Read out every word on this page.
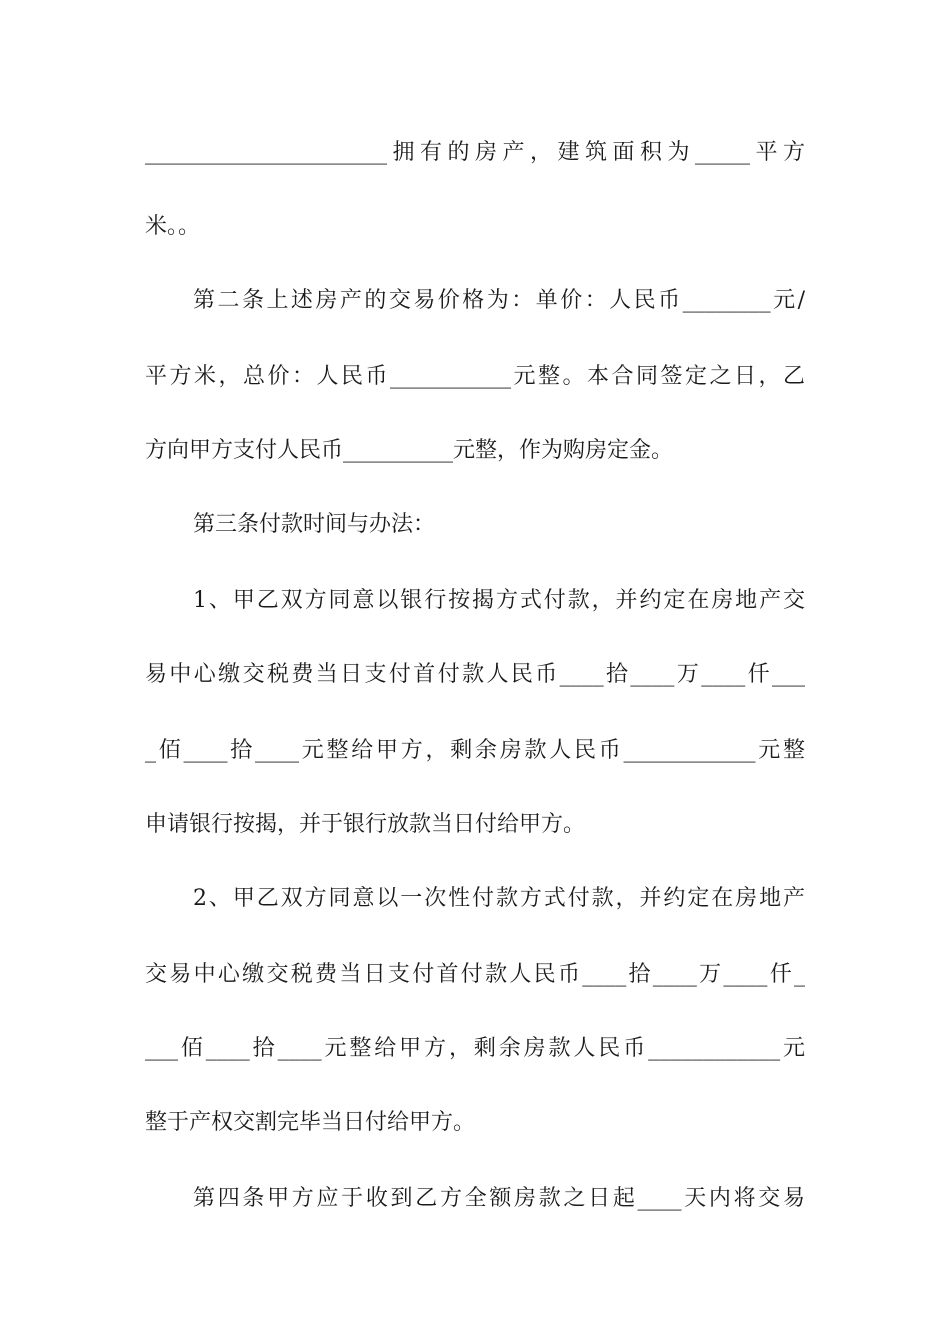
______________________拥有的房产，建筑面积为_____平方
米。。
第二条上述房产的交易价格为：单价：人民币________元/
平方米，总价：人民币___________元整。本合同签定之日，乙
方向甲方支付人民币__________元整，作为购房定金。
第三条付款时间与办法：
1、甲乙双方同意以银行按揭方式付款，并约定在房地产交
易中心缴交税费当日支付首付款人民币____拾____万____仟___
_佰____拾____元整给甲方，剩余房款人民币____________元整
申请银行按揭，并于银行放款当日付给甲方。
2、甲乙双方同意以一次性付款方式付款，并约定在房地产
交易中心缴交税费当日支付首付款人民币____拾____万____仟_
___佰____拾____元整给甲方，剩余房款人民币____________元
整于产权交割完毕当日付给甲方。
第四条甲方应于收到乙方全额房款之日起____天内将交易
